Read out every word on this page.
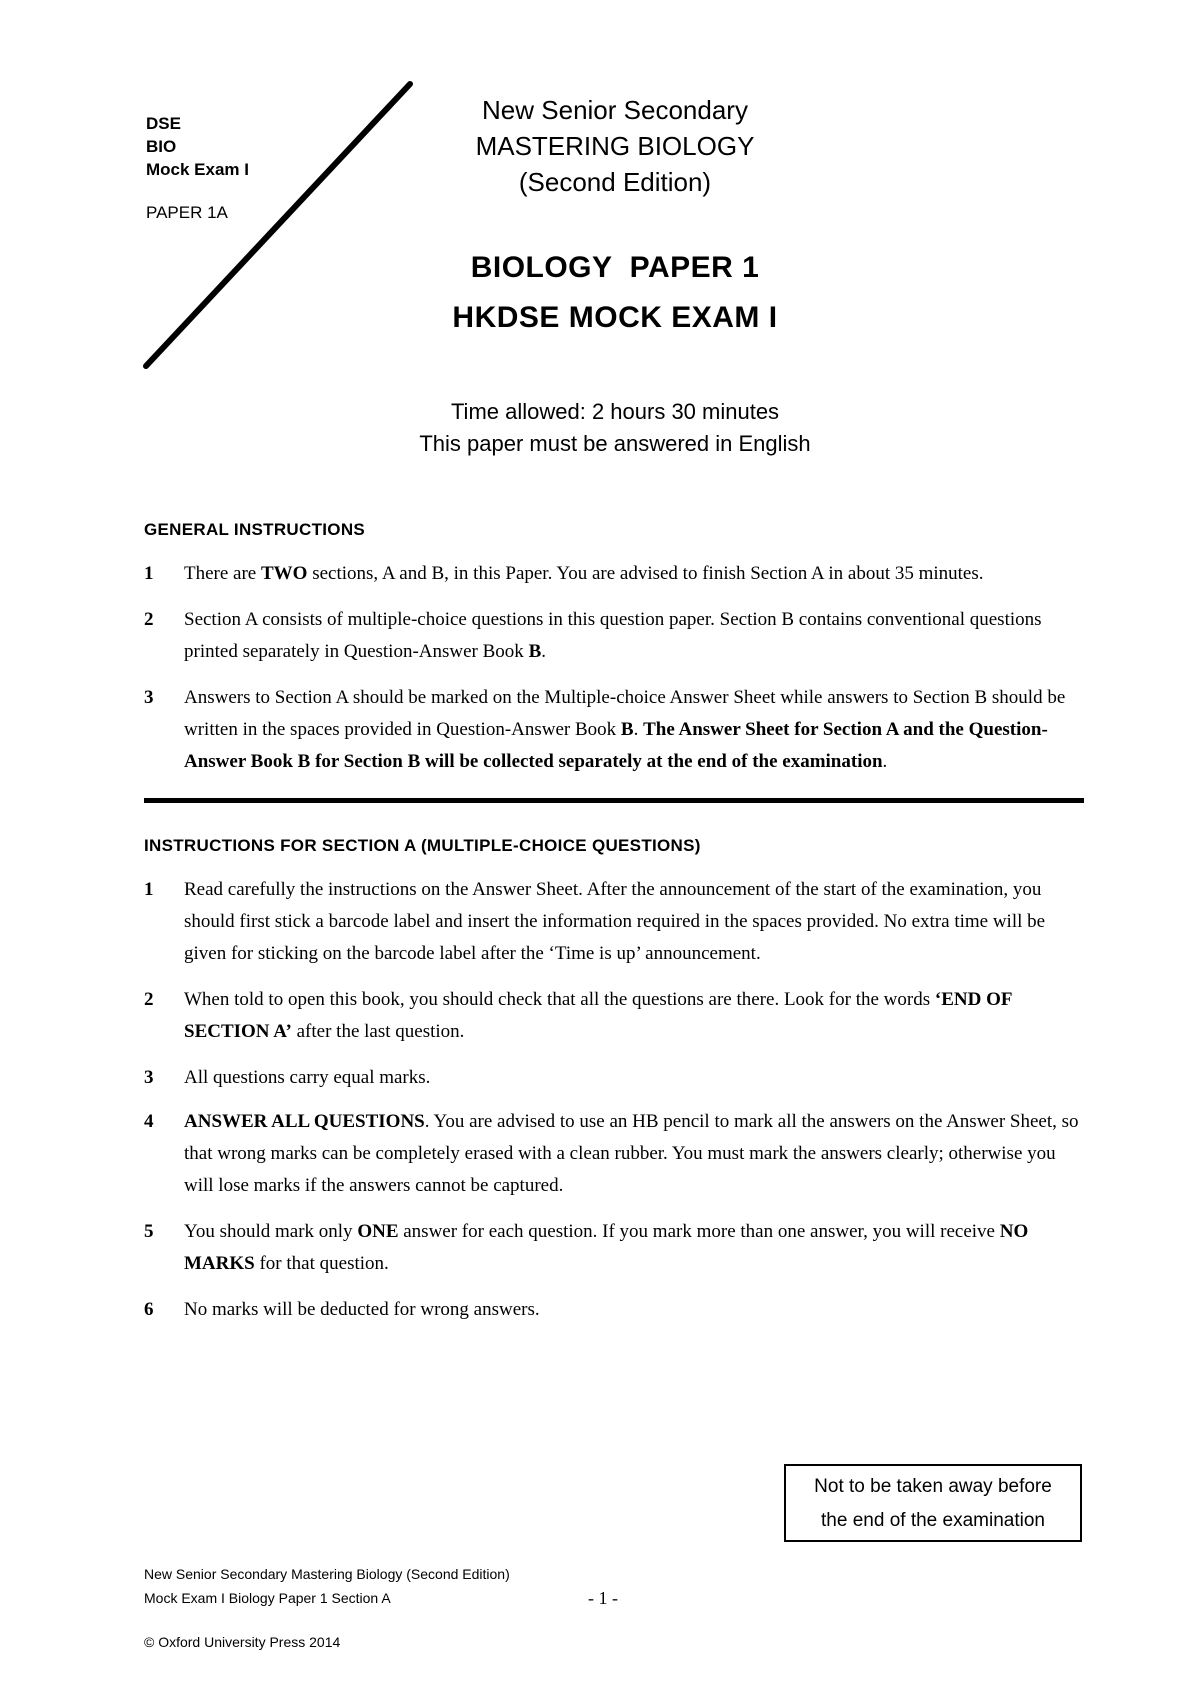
DSE
BIO
Mock Exam I
PAPER 1A
New Senior Secondary
MASTERING BIOLOGY
(Second Edition)
BIOLOGY  PAPER 1
HKDSE MOCK EXAM I
Time allowed: 2 hours 30 minutes
This paper must be answered in English
GENERAL INSTRUCTIONS
1 There are TWO sections, A and B, in this Paper. You are advised to finish Section A in about 35 minutes.
2 Section A consists of multiple-choice questions in this question paper. Section B contains conventional questions printed separately in Question-Answer Book B.
3 Answers to Section A should be marked on the Multiple-choice Answer Sheet while answers to Section B should be written in the spaces provided in Question-Answer Book B. The Answer Sheet for Section A and the Question-Answer Book B for Section B will be collected separately at the end of the examination.
INSTRUCTIONS FOR SECTION A (MULTIPLE-CHOICE QUESTIONS)
1 Read carefully the instructions on the Answer Sheet. After the announcement of the start of the examination, you should first stick a barcode label and insert the information required in the spaces provided. No extra time will be given for sticking on the barcode label after the ‘Time is up’ announcement.
2 When told to open this book, you should check that all the questions are there. Look for the words ‘END OF SECTION A’ after the last question.
3 All questions carry equal marks.
4 ANSWER ALL QUESTIONS. You are advised to use an HB pencil to mark all the answers on the Answer Sheet, so that wrong marks can be completely erased with a clean rubber. You must mark the answers clearly; otherwise you will lose marks if the answers cannot be captured.
5 You should mark only ONE answer for each question. If you mark more than one answer, you will receive NO MARKS for that question.
6 No marks will be deducted for wrong answers.
Not to be taken away before
the end of the examination
New Senior Secondary Mastering Biology (Second Edition)
Mock Exam I Biology Paper 1 Section A	- 1 -
© Oxford University Press 2014
